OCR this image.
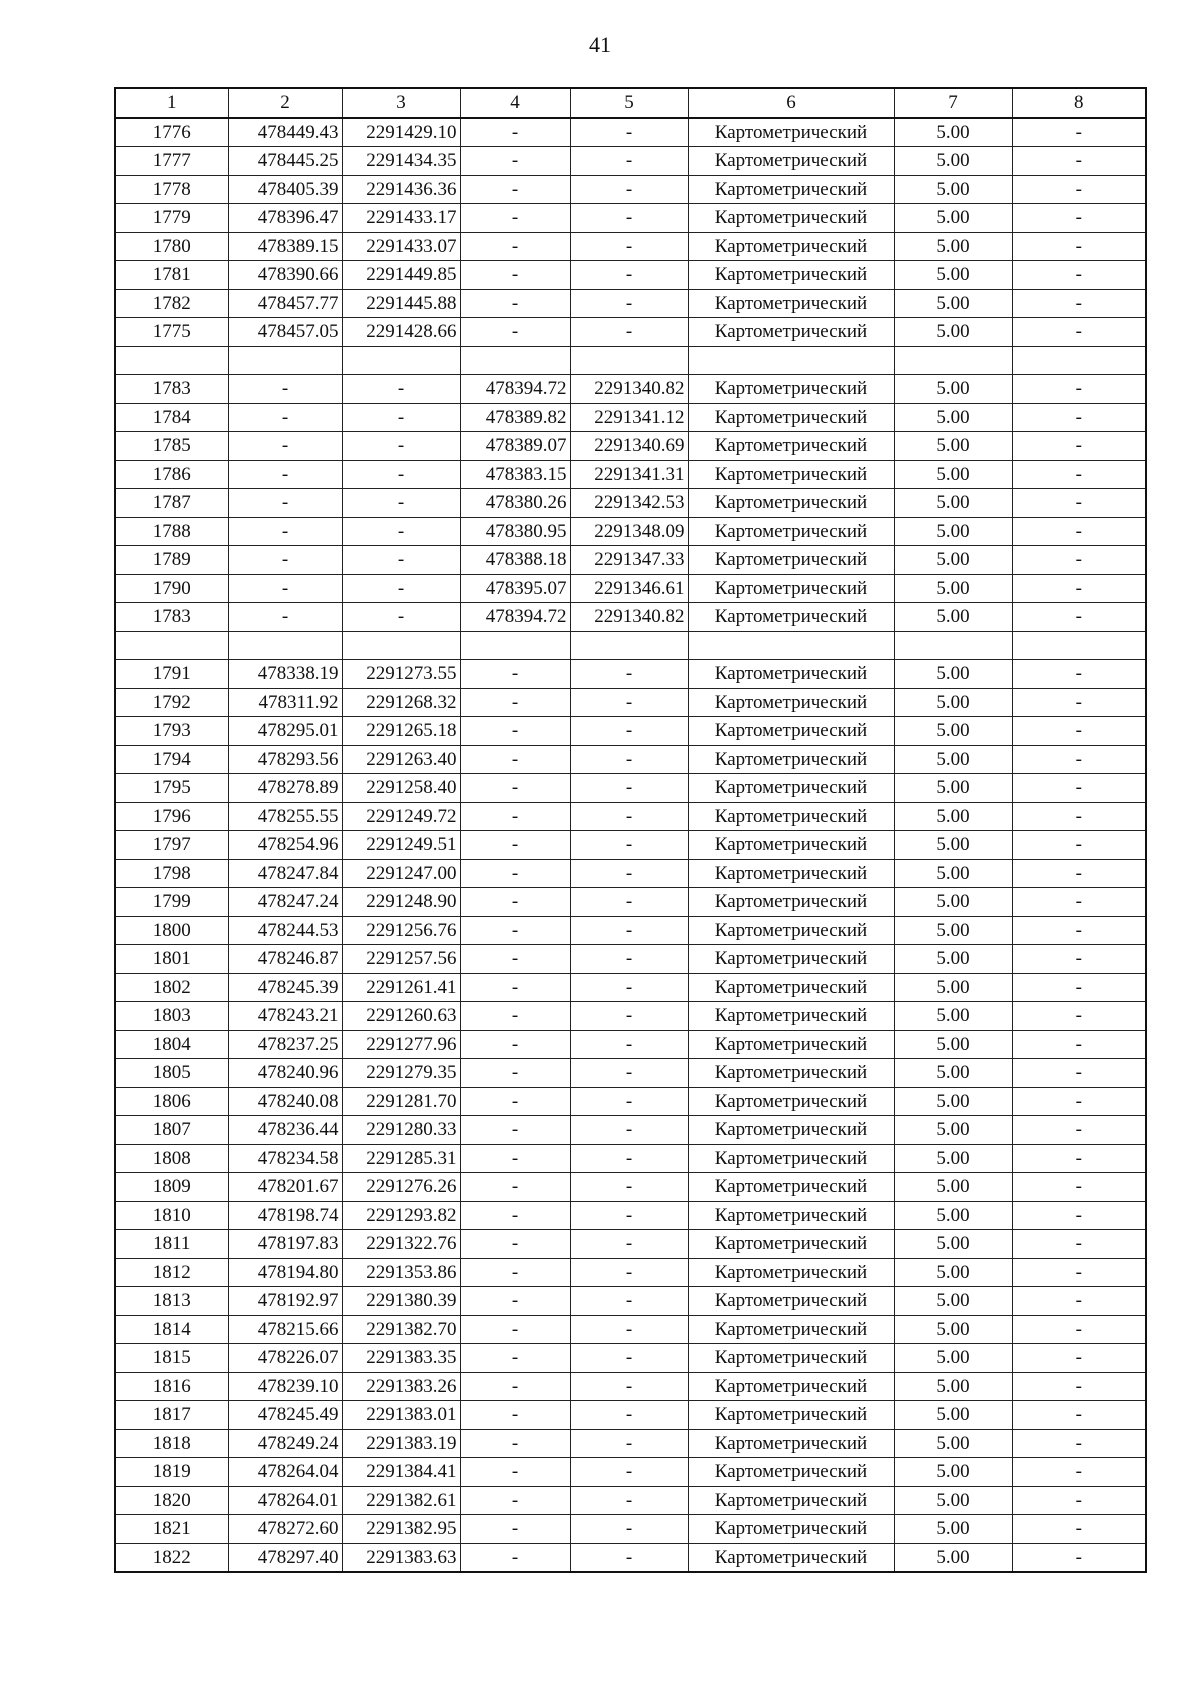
41
1	2	3	4	5	6	7	8
1776	478449.43	2291429.10	-	-	Картометрический	5.00	-
1777	478445.25	2291434.35	-	-	Картометрический	5.00	-
1778	478405.39	2291436.36	-	-	Картометрический	5.00	-
1779	478396.47	2291433.17	-	-	Картометрический	5.00	-
1780	478389.15	2291433.07	-	-	Картометрический	5.00	-
1781	478390.66	2291449.85	-	-	Картометрический	5.00	-
1782	478457.77	2291445.88	-	-	Картометрический	5.00	-
1775	478457.05	2291428.66	-	-	Картометрический	5.00	-

1783	-	-	478394.72	2291340.82	Картометрический	5.00	-
1784	-	-	478389.82	2291341.12	Картометрический	5.00	-
1785	-	-	478389.07	2291340.69	Картометрический	5.00	-
1786	-	-	478383.15	2291341.31	Картометрический	5.00	-
1787	-	-	478380.26	2291342.53	Картометрический	5.00	-
1788	-	-	478380.95	2291348.09	Картометрический	5.00	-
1789	-	-	478388.18	2291347.33	Картометрический	5.00	-
1790	-	-	478395.07	2291346.61	Картометрический	5.00	-
1783	-	-	478394.72	2291340.82	Картометрический	5.00	-

1791	478338.19	2291273.55	-	-	Картометрический	5.00	-
1792	478311.92	2291268.32	-	-	Картометрический	5.00	-
1793	478295.01	2291265.18	-	-	Картометрический	5.00	-
1794	478293.56	2291263.40	-	-	Картометрический	5.00	-
1795	478278.89	2291258.40	-	-	Картометрический	5.00	-
1796	478255.55	2291249.72	-	-	Картометрический	5.00	-
1797	478254.96	2291249.51	-	-	Картометрический	5.00	-
1798	478247.84	2291247.00	-	-	Картометрический	5.00	-
1799	478247.24	2291248.90	-	-	Картометрический	5.00	-
1800	478244.53	2291256.76	-	-	Картометрический	5.00	-
1801	478246.87	2291257.56	-	-	Картометрический	5.00	-
1802	478245.39	2291261.41	-	-	Картометрический	5.00	-
1803	478243.21	2291260.63	-	-	Картометрический	5.00	-
1804	478237.25	2291277.96	-	-	Картометрический	5.00	-
1805	478240.96	2291279.35	-	-	Картометрический	5.00	-
1806	478240.08	2291281.70	-	-	Картометрический	5.00	-
1807	478236.44	2291280.33	-	-	Картометрический	5.00	-
1808	478234.58	2291285.31	-	-	Картометрический	5.00	-
1809	478201.67	2291276.26	-	-	Картометрический	5.00	-
1810	478198.74	2291293.82	-	-	Картометрический	5.00	-
1811	478197.83	2291322.76	-	-	Картометрический	5.00	-
1812	478194.80	2291353.86	-	-	Картометрический	5.00	-
1813	478192.97	2291380.39	-	-	Картометрический	5.00	-
1814	478215.66	2291382.70	-	-	Картометрический	5.00	-
1815	478226.07	2291383.35	-	-	Картометрический	5.00	-
1816	478239.10	2291383.26	-	-	Картометрический	5.00	-
1817	478245.49	2291383.01	-	-	Картометрический	5.00	-
1818	478249.24	2291383.19	-	-	Картометрический	5.00	-
1819	478264.04	2291384.41	-	-	Картометрический	5.00	-
1820	478264.01	2291382.61	-	-	Картометрический	5.00	-
1821	478272.60	2291382.95	-	-	Картометрический	5.00	-
1822	478297.40	2291383.63	-	-	Картометрический	5.00	-
